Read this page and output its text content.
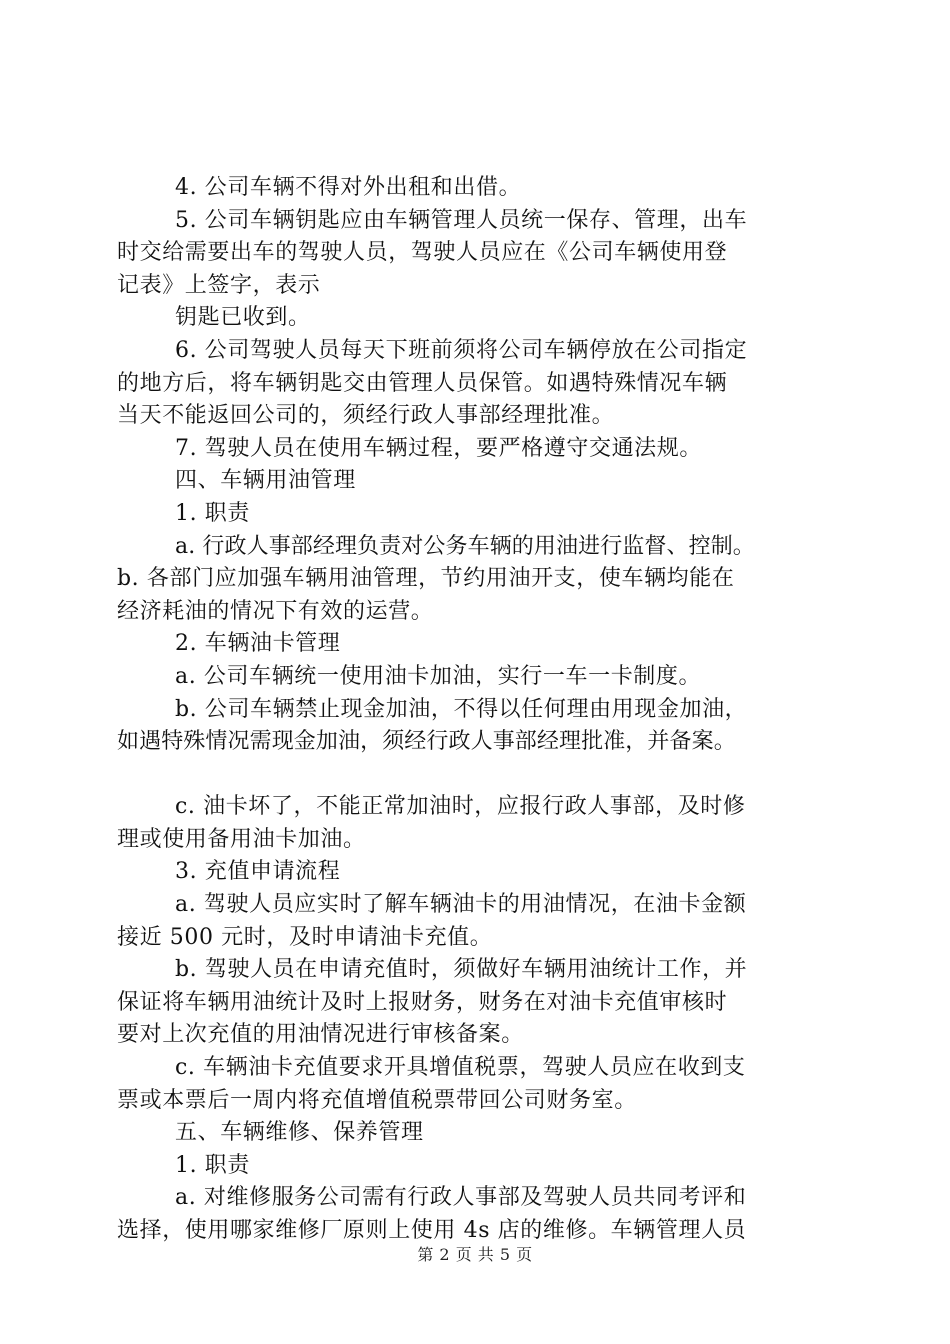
4. 公司车辆不得对外出租和出借。
5. 公司车辆钥匙应由车辆管理人员统一保存、管理，出车
时交给需要出车的驾驶人员，驾驶人员应在《公司车辆使用登
记表》上签字，表示
钥匙已收到。
6. 公司驾驶人员每天下班前须将公司车辆停放在公司指定
的地方后，将车辆钥匙交由管理人员保管。如遇特殊情况车辆
当天不能返回公司的，须经行政人事部经理批准。
7. 驾驶人员在使用车辆过程，要严格遵守交通法规。
四、车辆用油管理
1. 职责
a. 行政人事部经理负责对公务车辆的用油进行监督、控制。
b. 各部门应加强车辆用油管理，节约用油开支，使车辆均能在
经济耗油的情况下有效的运营。
2. 车辆油卡管理
a. 公司车辆统一使用油卡加油，实行一车一卡制度。
b. 公司车辆禁止现金加油，不得以任何理由用现金加油，
如遇特殊情况需现金加油，须经行政人事部经理批准，并备案。
c. 油卡坏了，不能正常加油时，应报行政人事部，及时修
理或使用备用油卡加油。
3. 充值申请流程
a. 驾驶人员应实时了解车辆油卡的用油情况，在油卡金额
接近 500 元时，及时申请油卡充值。
b. 驾驶人员在申请充值时，须做好车辆用油统计工作，并
保证将车辆用油统计及时上报财务，财务在对油卡充值审核时
要对上次充值的用油情况进行审核备案。
c. 车辆油卡充值要求开具增值税票，驾驶人员应在收到支
票或本票后一周内将充值增值税票带回公司财务室。
五、车辆维修、保养管理
1. 职责
a. 对维修服务公司需有行政人事部及驾驶人员共同考评和
选择，使用哪家维修厂原则上使用 4s 店的维修。车辆管理人员
第 2 页 共 5 页
